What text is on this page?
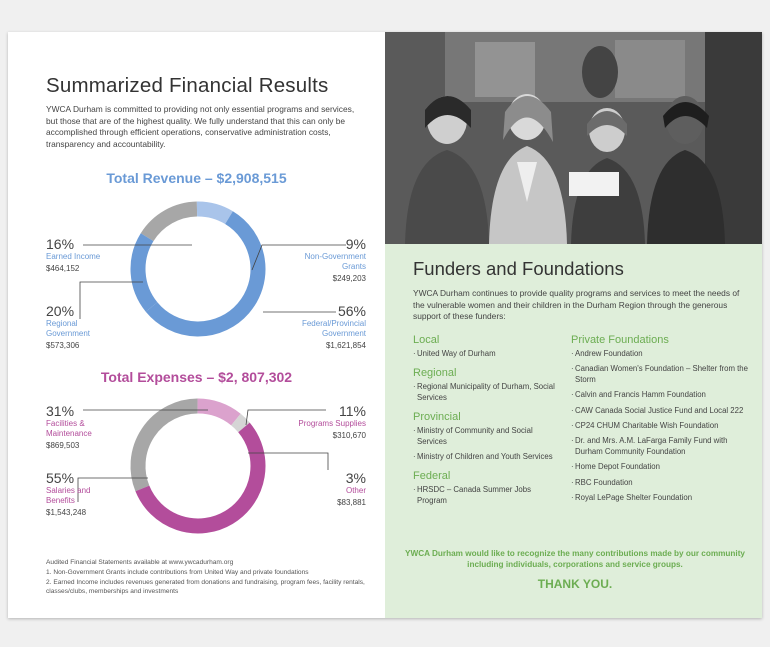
Summarized Financial Results

YWCA Durham is committed to providing not only essential programs and services, but those that are of the highest quality. We fully understand that this can only be accomplished through efficient operations, conservative administration costs, transparency and accountability.

Total Revenue – $2,908,515
16%
Earned Income
$464,152
9%
Non-Government
Grants
$249,203
20%
Regional
Government
$573,306
56%
Federal/Provincial
Government
$1,621,854
Total Expenses – $2, 807,302
31%
Facilities &
Maintenance
$869,503
11%
Programs Supplies
$310,670
55%
Salaries and
Benefits
$1,543,248
3%
Other
$83,881
Audited Financial Statements available at www.ywcadurham.org
1. Non-Government Grants include contributions from United Way and private foundations
2. Earned Income includes revenues generated from donations and fundraising, program fees, facility rentals, classes/clubs, memberships and investments
Funders and Foundations

YWCA Durham continues to provide quality programs and services to meet the needs of the vulnerable women and their children in the Durham Region through the generous support of these funders:

Local

· United Way of Durham

Regional

· Regional Municipality of Durham, Social Services

Provincial

· Ministry of Community and Social Services

· Ministry of Children and Youth Services

Federal

· HRSDC – Canada Summer Jobs Program

Private Foundations

· Andrew Foundation

· Canadian Women's Foundation – Shelter from the Storm

· Calvin and Francis Hamm Foundation

· CAW Canada Social Justice Fund and Local 222

· CP24 CHUM Charitable Wish Foundation

· Dr. and Mrs. A.M. LaFarga Family Fund with Durham Community Foundation

· Home Depot Foundation

· RBC Foundation

· Royal LePage Shelter Foundation

YWCA Durham would like to recognize the many contributions made by our community including individuals, corporations and service groups.

THANK YOU.
